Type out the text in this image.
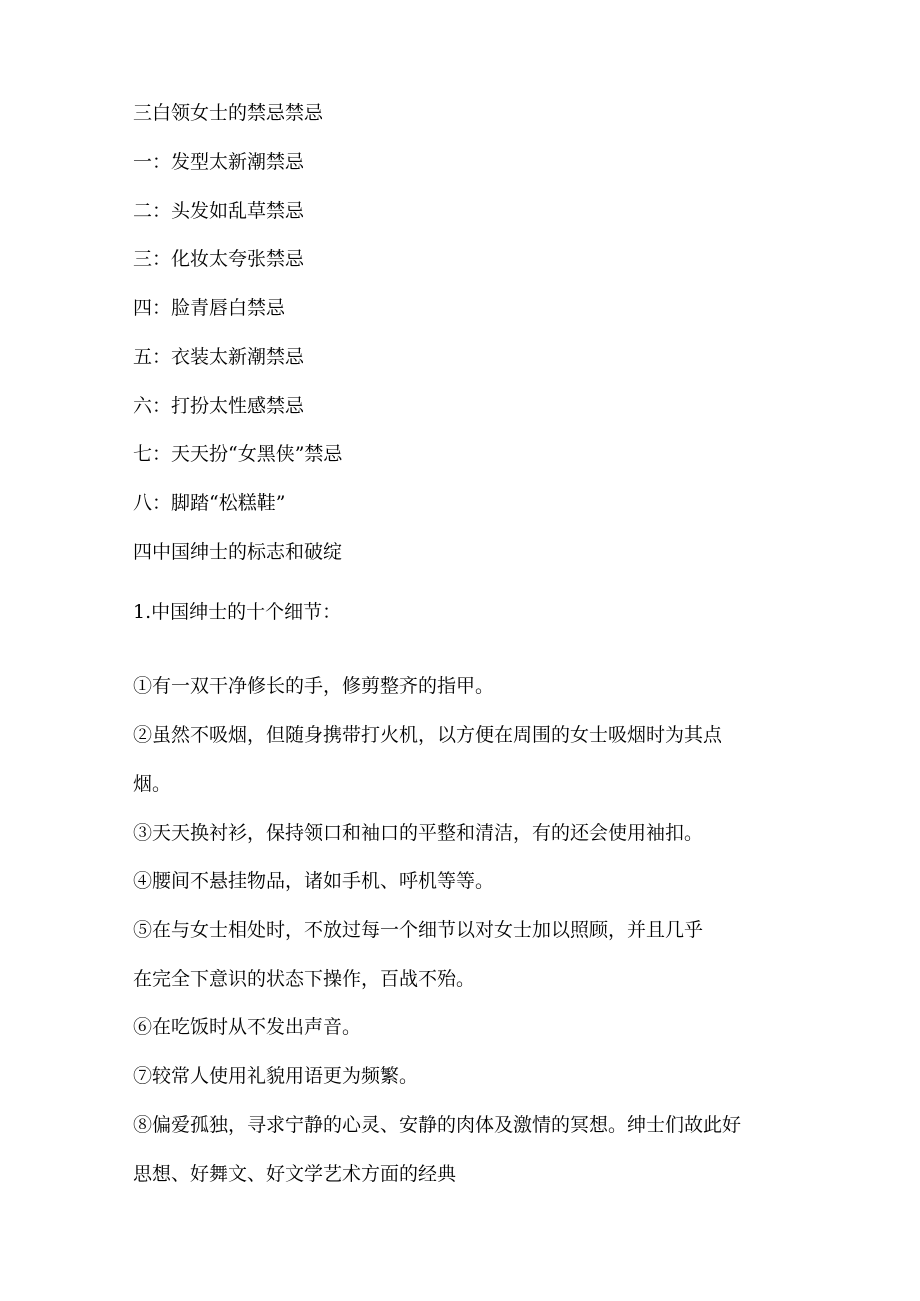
三白领女士的禁忌禁忌
一：发型太新潮禁忌
二：头发如乱草禁忌
三：化妆太夸张禁忌
四：脸青唇白禁忌
五：衣装太新潮禁忌
六：打扮太性感禁忌
七：天天扮“女黑侠”禁忌
八：脚踏“松糕鞋”
四中国绅士的标志和破绽
1.中国绅士的十个细节：
①有一双干净修长的手，修剪整齐的指甲。
②虽然不吸烟，但随身携带打火机，以方便在周围的女士吸烟时为其点
烟。
③天天换衬衫，保持领口和袖口的平整和清洁，有的还会使用袖扣。
④腰间不悬挂物品，诸如手机、呼机等等。
⑤在与女士相处时，不放过每一个细节以对女士加以照顾，并且几乎
在完全下意识的状态下操作，百战不殆。
⑥在吃饭时从不发出声音。
⑦较常人使用礼貌用语更为频繁。
⑧偏爱孤独，寻求宁静的心灵、安静的肉体及激情的冥想。绅士们故此好
思想、好舞文、好文学艺术方面的经典
